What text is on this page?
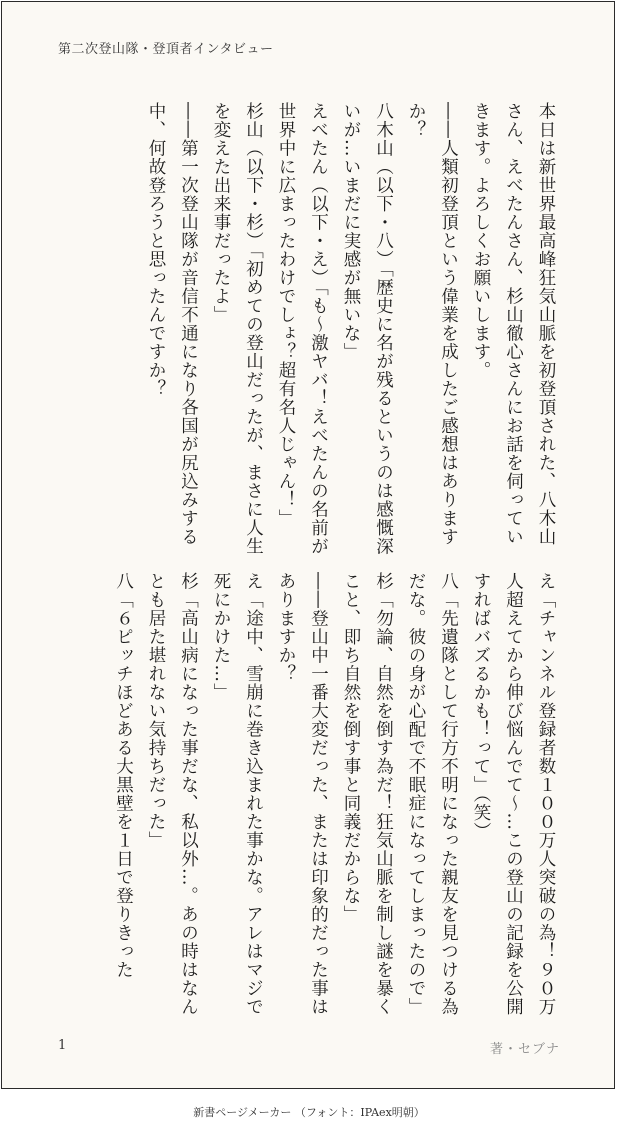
第二次登山隊・登頂者インタビュー

本日は新世界最高峰狂気山脈を初登頂された、八木山さん、えべたんさん、杉山徹心さんにお話を伺っていきます。よろしくお願いします。

――人類初登頂という偉業を成したご感想はありますか？

八木山（以下・八）「歴史に名が残るというのは感慨深いが…いまだに実感が無いな」

えべたん（以下・え）「も〜激ヤバ！えべたんの名前が世界中に広まったわけでしょ？超有名人じゃん！」

杉山（以下・杉）「初めての登山だったが、まさに人生を変えた出来事だったよ」

――第一次登山隊が音信不通になり各国が尻込みする中、何故登ろうと思ったんですか？

え「チャンネル登録者数１００万人突破の為！９０万人超えてから伸び悩んでて〜…この登山の記録を公開すればバズるかも！って」（笑）

八「先遺隊として行方不明になった親友を見つける為だな。彼の身が心配で不眠症になってしまったので」

杉「勿論、自然を倒す為だ！狂気山脈を制し謎を暴くこと、即ち自然を倒す事と同義だからな」

――登山中一番大変だった、または印象的だった事はありますか？

え「途中、雪崩に巻き込まれた事かな。アレはマジで死にかけた…」

杉「高山病になった事だな、私以外…。あの時はなんとも居た堪れない気持ちだった」

八「６ピッチほどある大黒壁を１日で登りきった

1	著・セブナ
新書ページメーカー （フォント：IPAex明朝）
